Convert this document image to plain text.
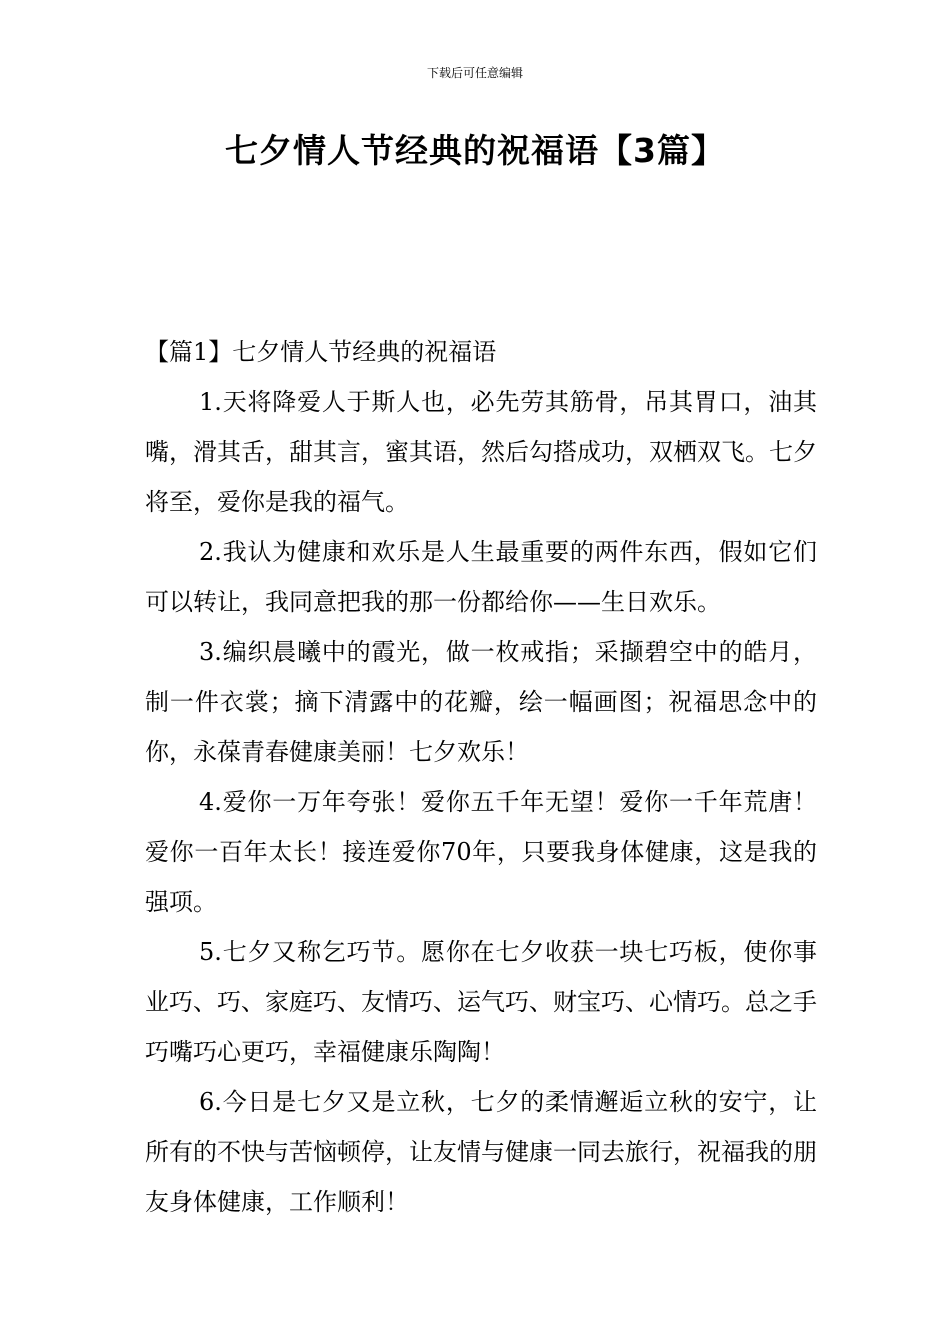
下载后可任意编辑
七夕情人节经典的祝福语【3篇】
【篇1】七夕情人节经典的祝福语

1.天将降爱人于斯人也，必先劳其筋骨，吊其胃口，油其嘴，滑其舌，甜其言，蜜其语，然后勾搭成功，双栖双飞。七夕将至，爱你是我的福气。

2.我认为健康和欢乐是人生最重要的两件东西，假如它们可以转让，我同意把我的那一份都给你——生日欢乐。

3.编织晨曦中的霞光，做一枚戒指；采撷碧空中的皓月，制一件衣裳；摘下清露中的花瓣，绘一幅画图；祝福思念中的你，永葆青春健康美丽！七夕欢乐！

4.爱你一万年夸张！爱你五千年无望！爱你一千年荒唐！爱你一百年太长！接连爱你70年，只要我身体健康，这是我的强项。

5.七夕又称乞巧节。愿你在七夕收获一块七巧板，使你事业巧、巧、家庭巧、友情巧、运气巧、财宝巧、心情巧。总之手巧嘴巧心更巧，幸福健康乐陶陶！

6.今日是七夕又是立秋，七夕的柔情邂逅立秋的安宁，让所有的不快与苦恼顿停，让友情与健康一同去旅行，祝福我的朋友身体健康，工作顺利！
